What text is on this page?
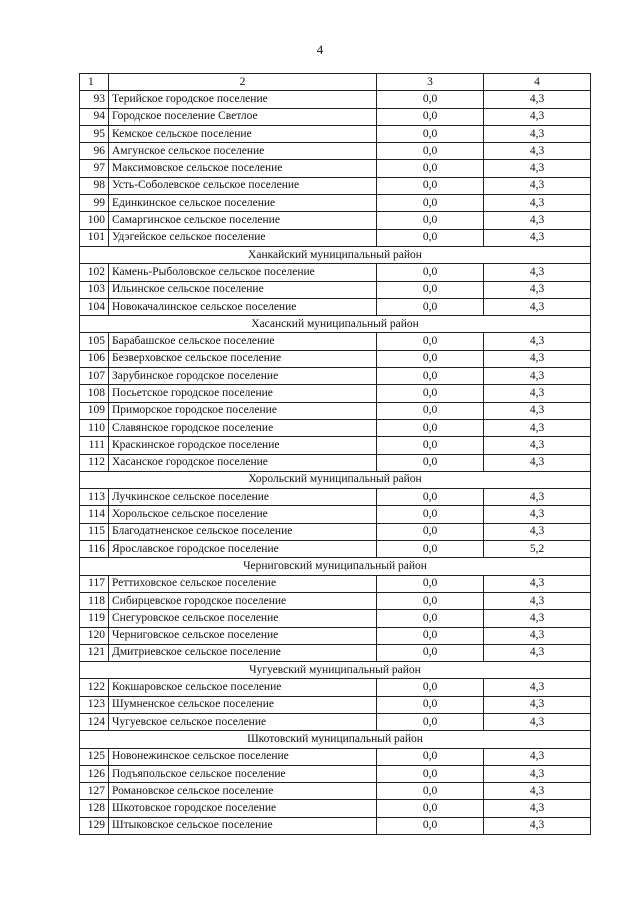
4
1	2	3	4
93	Терийское городское поселение	0,0	4,3
94	Городское поселение Светлое	0,0	4,3
95	Кемское сельское поселение	0,0	4,3
96	Амгунское сельское поселение	0,0	4,3
97	Максимовское сельское поселение	0,0	4,3
98	Усть-Соболевское сельское поселение	0,0	4,3
99	Единкинское сельское поселение	0,0	4,3
100	Самаргинское сельское поселение	0,0	4,3
101	Удэгейское сельское поселение	0,0	4,3
Ханкайский муниципальный район			
102	Камень-Рыболовское сельское поселение	0,0	4,3
103	Ильинское сельское поселение	0,0	4,3
104	Новокачалинское сельское поселение	0,0	4,3
Хасанский муниципальный район			
105	Барабашское сельское поселение	0,0	4,3
106	Безверховское сельское поселение	0,0	4,3
107	Зарубинское городское поселение	0,0	4,3
108	Посьетское городское поселение	0,0	4,3
109	Приморское городское поселение	0,0	4,3
110	Славянское городское поселение	0,0	4,3
111	Краскинское городское поселение	0,0	4,3
112	Хасанское городское поселение	0,0	4,3
Хорольский муниципальный район			
113	Лучкинское сельское поселение	0,0	4,3
114	Хорольское сельское поселение	0,0	4,3
115	Благодатненское сельское поселение	0,0	4,3
116	Ярославское городское поселение	0,0	5,2
Черниговский муниципальный район			
117	Реттиховское сельское поселение	0,0	4,3
118	Сибирцевское городское поселение	0,0	4,3
119	Снегуровское сельское поселение	0,0	4,3
120	Черниговское сельское поселение	0,0	4,3
121	Дмитриевское сельское поселение	0,0	4,3
Чугуевский муниципальный район			
122	Кокшаровское сельское поселение	0,0	4,3
123	Шумненское сельское поселение	0,0	4,3
124	Чугуевское сельское поселение	0,0	4,3
Шкотовский муниципальный район			
125	Новонежинское сельское поселение	0,0	4,3
126	Подъяпольское сельское поселение	0,0	4,3
127	Романовское сельское поселение	0,0	4,3
128	Шкотовское городское поселение	0,0	4,3
129	Штыковское сельское поселение	0,0	4,3
